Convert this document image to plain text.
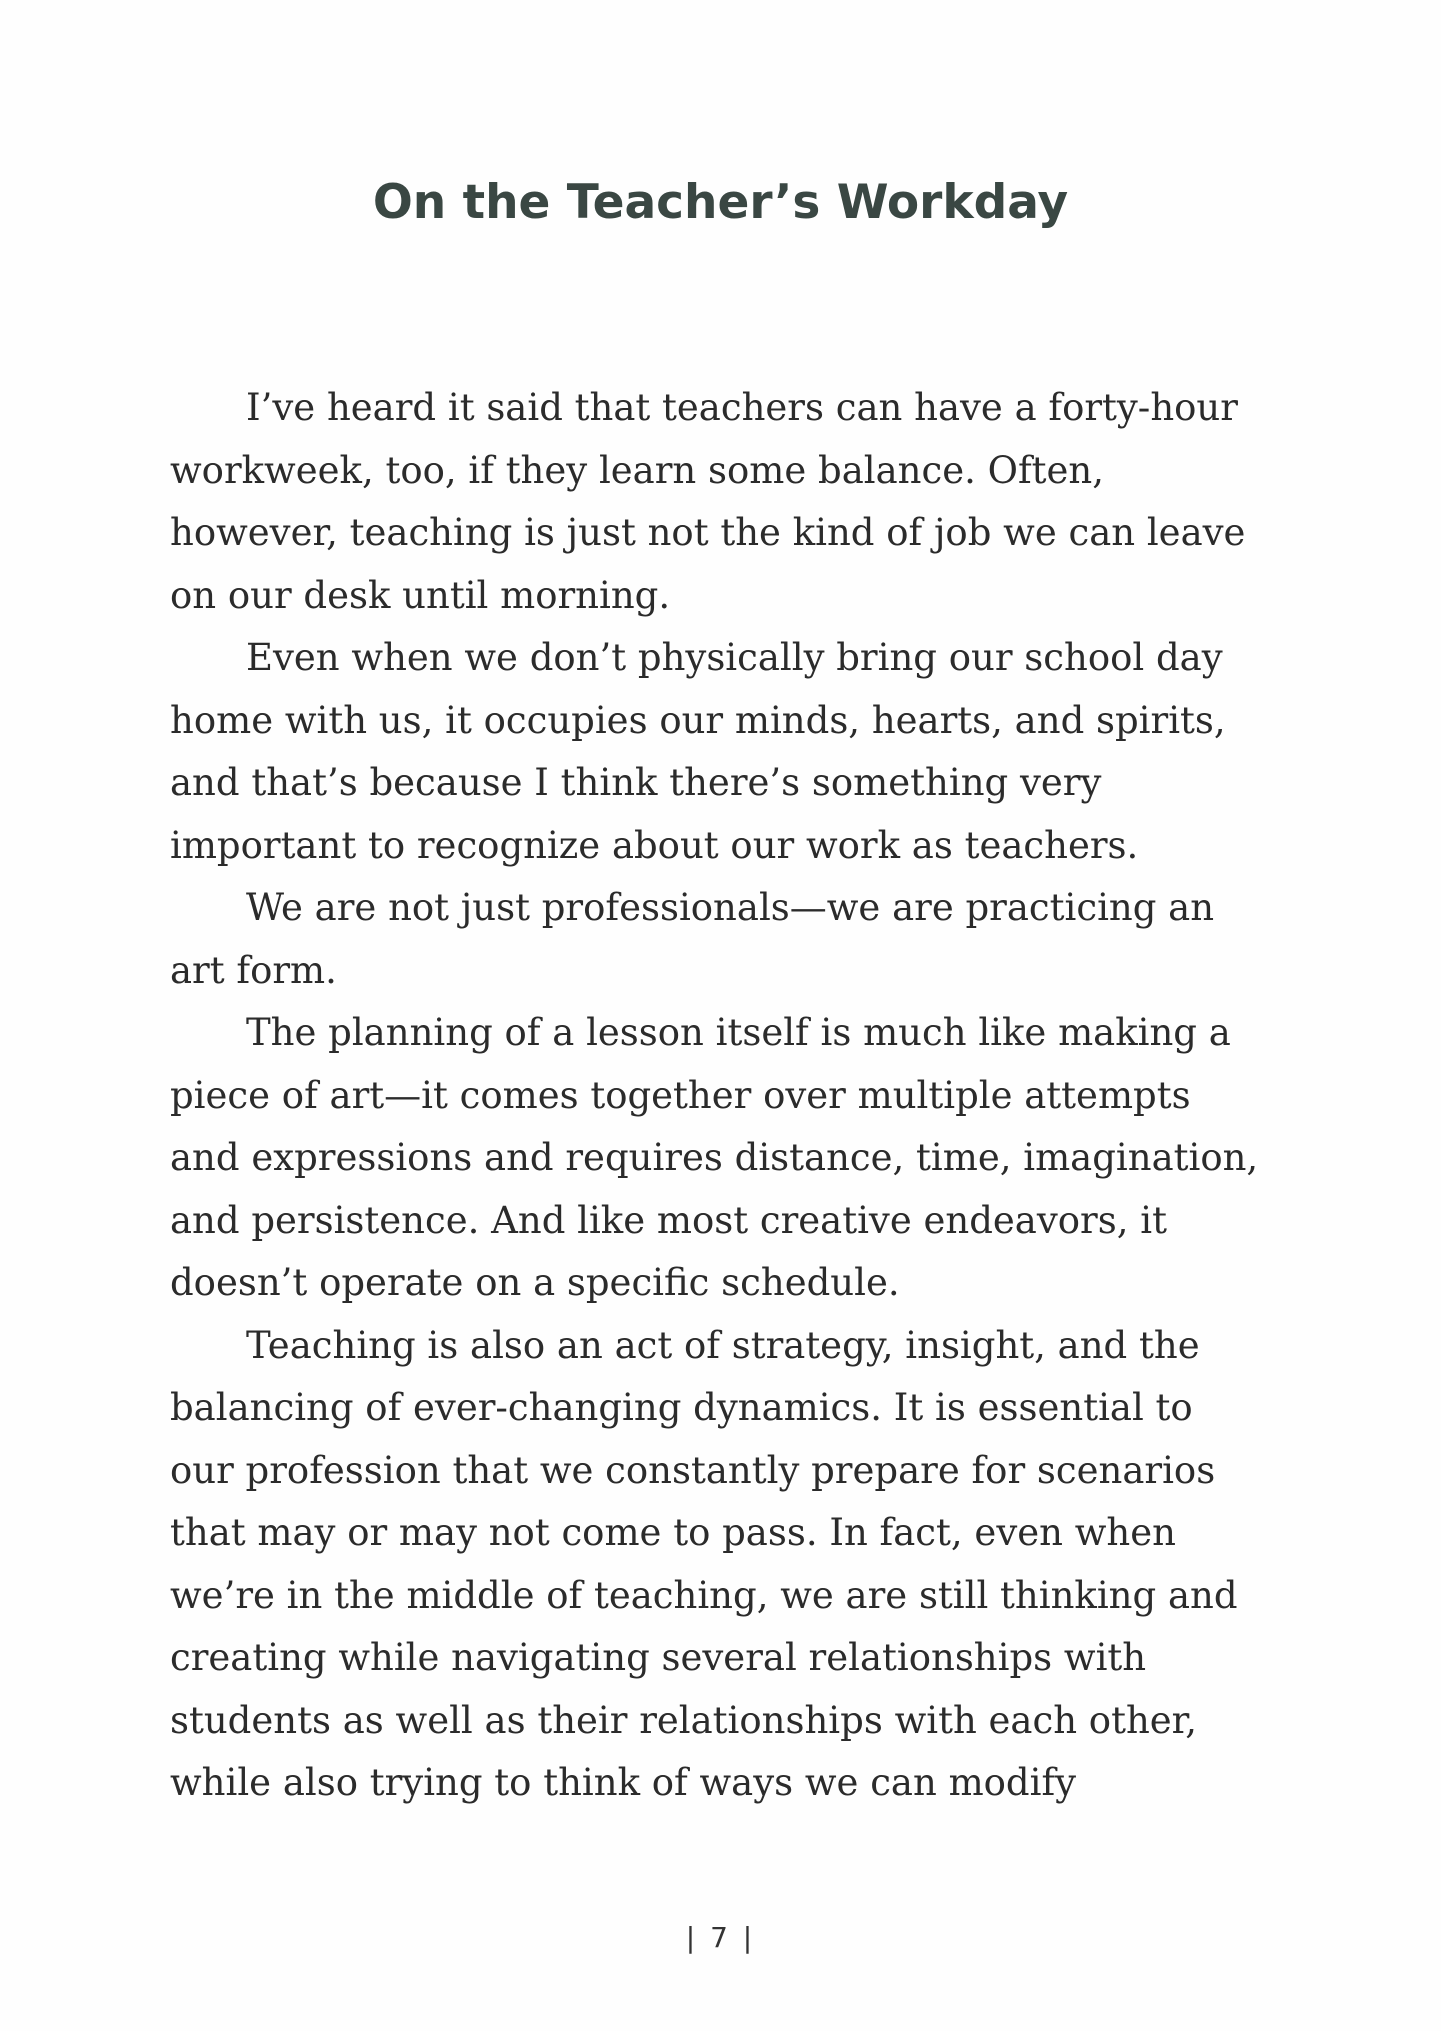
On the Teacher’s Workday

I’ve heard it said that teachers can have a forty-hour workweek, too, if they learn some balance. Often, however, teaching is just not the kind of job we can leave on our desk until morning.

Even when we don’t physically bring our school day home with us, it occupies our minds, hearts, and spirits, and that’s because I think there’s something very important to recognize about our work as teachers.

We are not just professionals—we are practicing an art form.

The planning of a lesson itself is much like making a piece of art—it comes together over multiple attempts and expressions and requires distance, time, imagination, and persistence. And like most creative endeavors, it doesn’t operate on a specific schedule.

Teaching is also an act of strategy, insight, and the balancing of ever-changing dynamics. It is essential to our profession that we constantly prepare for scenarios that may or may not come to pass. In fact, even when we’re in the middle of teaching, we are still thinking and creating while navigating several relationships with students as well as their relationships with each other, while also trying to think of ways we can modify

| 7 |
